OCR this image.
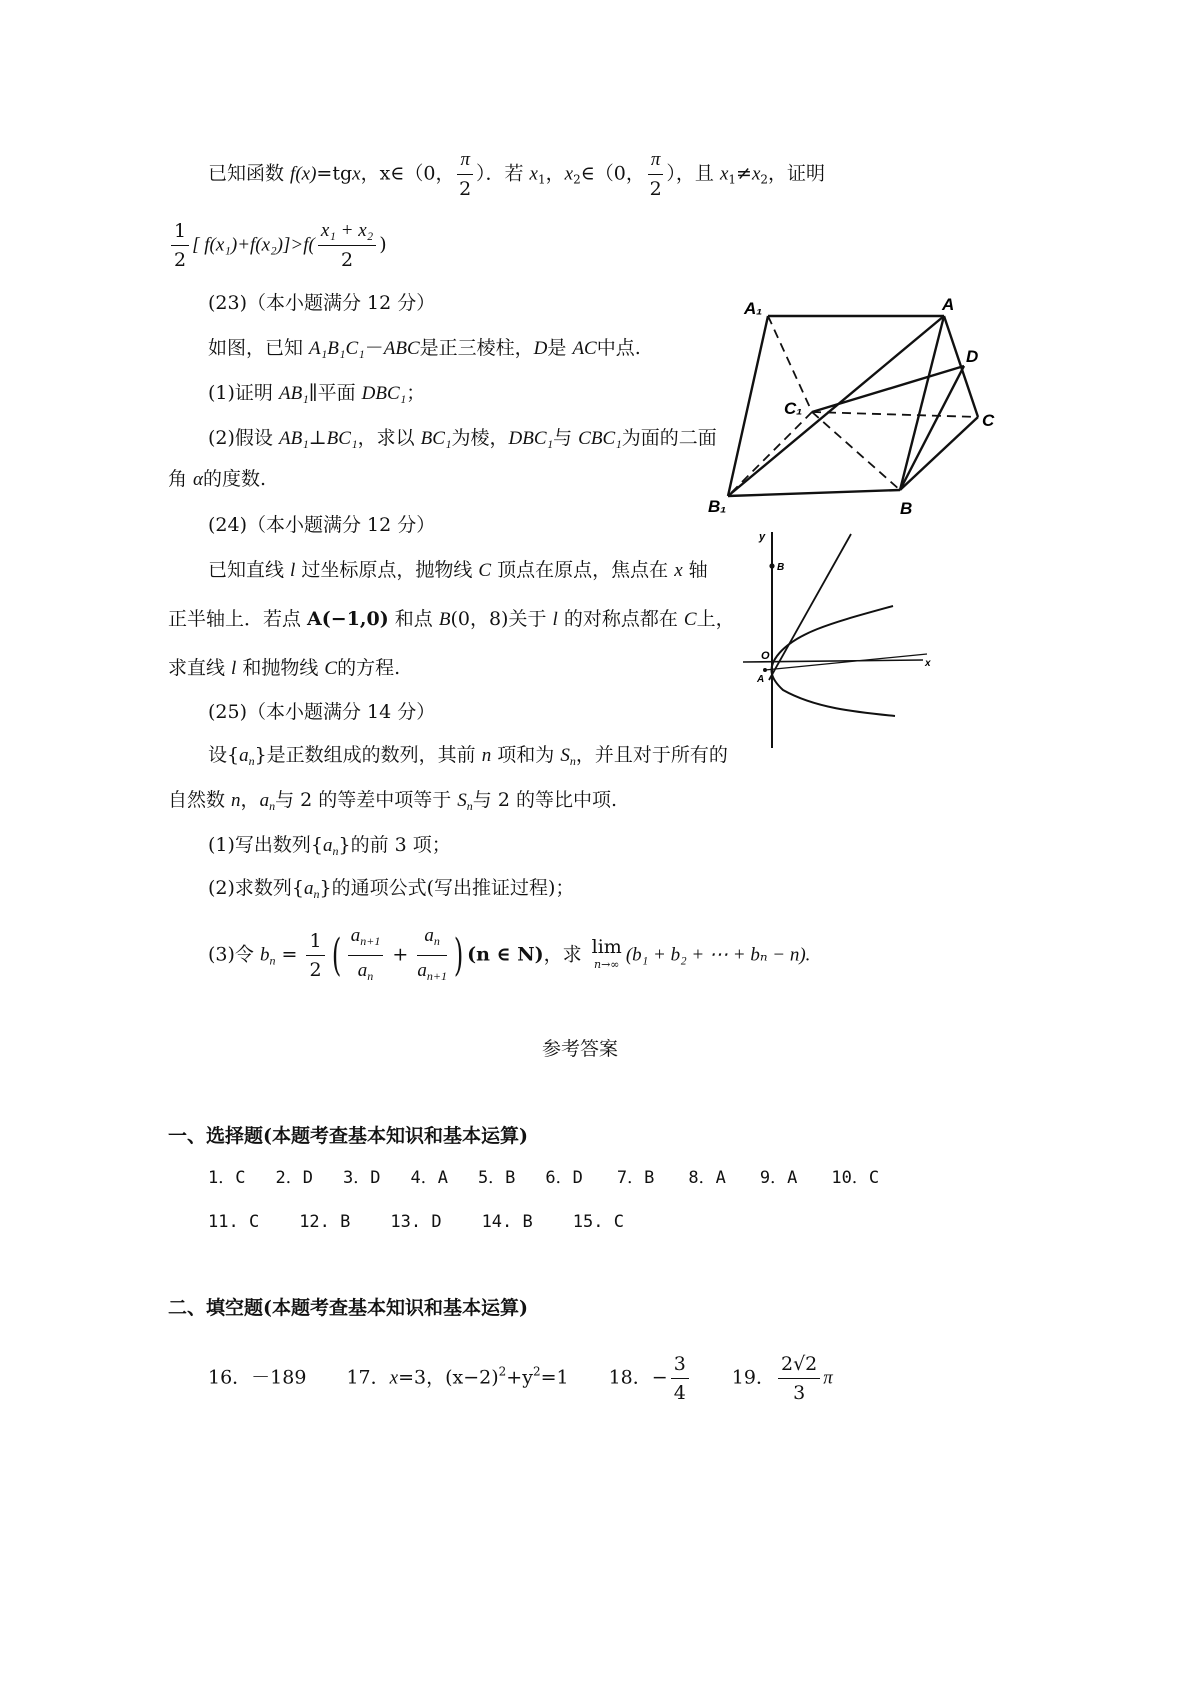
已知函数 f(x)=tgx，x∈（0， $\frac{\pi}{2}$ ）．若 $x_1$，$x_2\in(0$， $\frac{\pi}{2}$ ），且 $x_1\ne x_2$，证明
$\frac{1}{2}$ [ $f(x_1)+f(x_2)]>f( \frac{\text{x₁ + x₂}}{2}$ )
(23)（本小题满分 12 分）
如图，已知 A₁B₁C₁－ABC是正三棱柱，D是 AC中点.
(1)证明 AB₁∥平面 DBC₁；
(2)假设 AB₁⊥BC₁，求以 BC₁为棱，DBC₁与 CBC₁为面的二面
角 α的度数.
A₁	A
D
C₁
C
B₁	B
(24)（本小题满分 12 分）
已知直线 l 过坐标原点，抛物线 C 顶点在原点，焦点在 x 轴
正半轴上．若点 A(−1,0) 和点 B(0，8)关于 l 的对称点都在 C上，
求直线 l 和抛物线 C的方程.
y
B
O
A
x
(25)（本小题满分 14 分）
设$\{a_n\}$是正数组成的数列，其前 n 项和为 $S_n$，并且对于所有的
自然数 n，$a_n$与 2 的等差中项等于 $S_n$与 2 的等比中项.
(1)写出数列$\{a_n\}$的前 3 项；
(2)求数列$\{a_n\}$的通项公式(写出推证过程)；
(3)令 $b_n = \frac{1}{2}$ ( $\frac{a_{n+1}}{a_n} + \frac{a_n}{a_{n+1}}$ ) (n ∈ N)，求 lim
n→∞ (b₁ + b₂ + ⋯ + bₙ − n).
参考答案
一、选择题(本题考查基本知识和基本运算)
1．C 2．D 3．D 4．A 5．B 6．D 7．B 8．A 9．A 10．C
11. C 12. B 13. D 14. B 15. C
二、填空题(本题考查基本知识和基本运算)
16．－189 17．x=3，$(x-2)^2+y^2=1$ 18．− $\frac{3}{4} 19$． $\frac{2√2}{3}$ π
